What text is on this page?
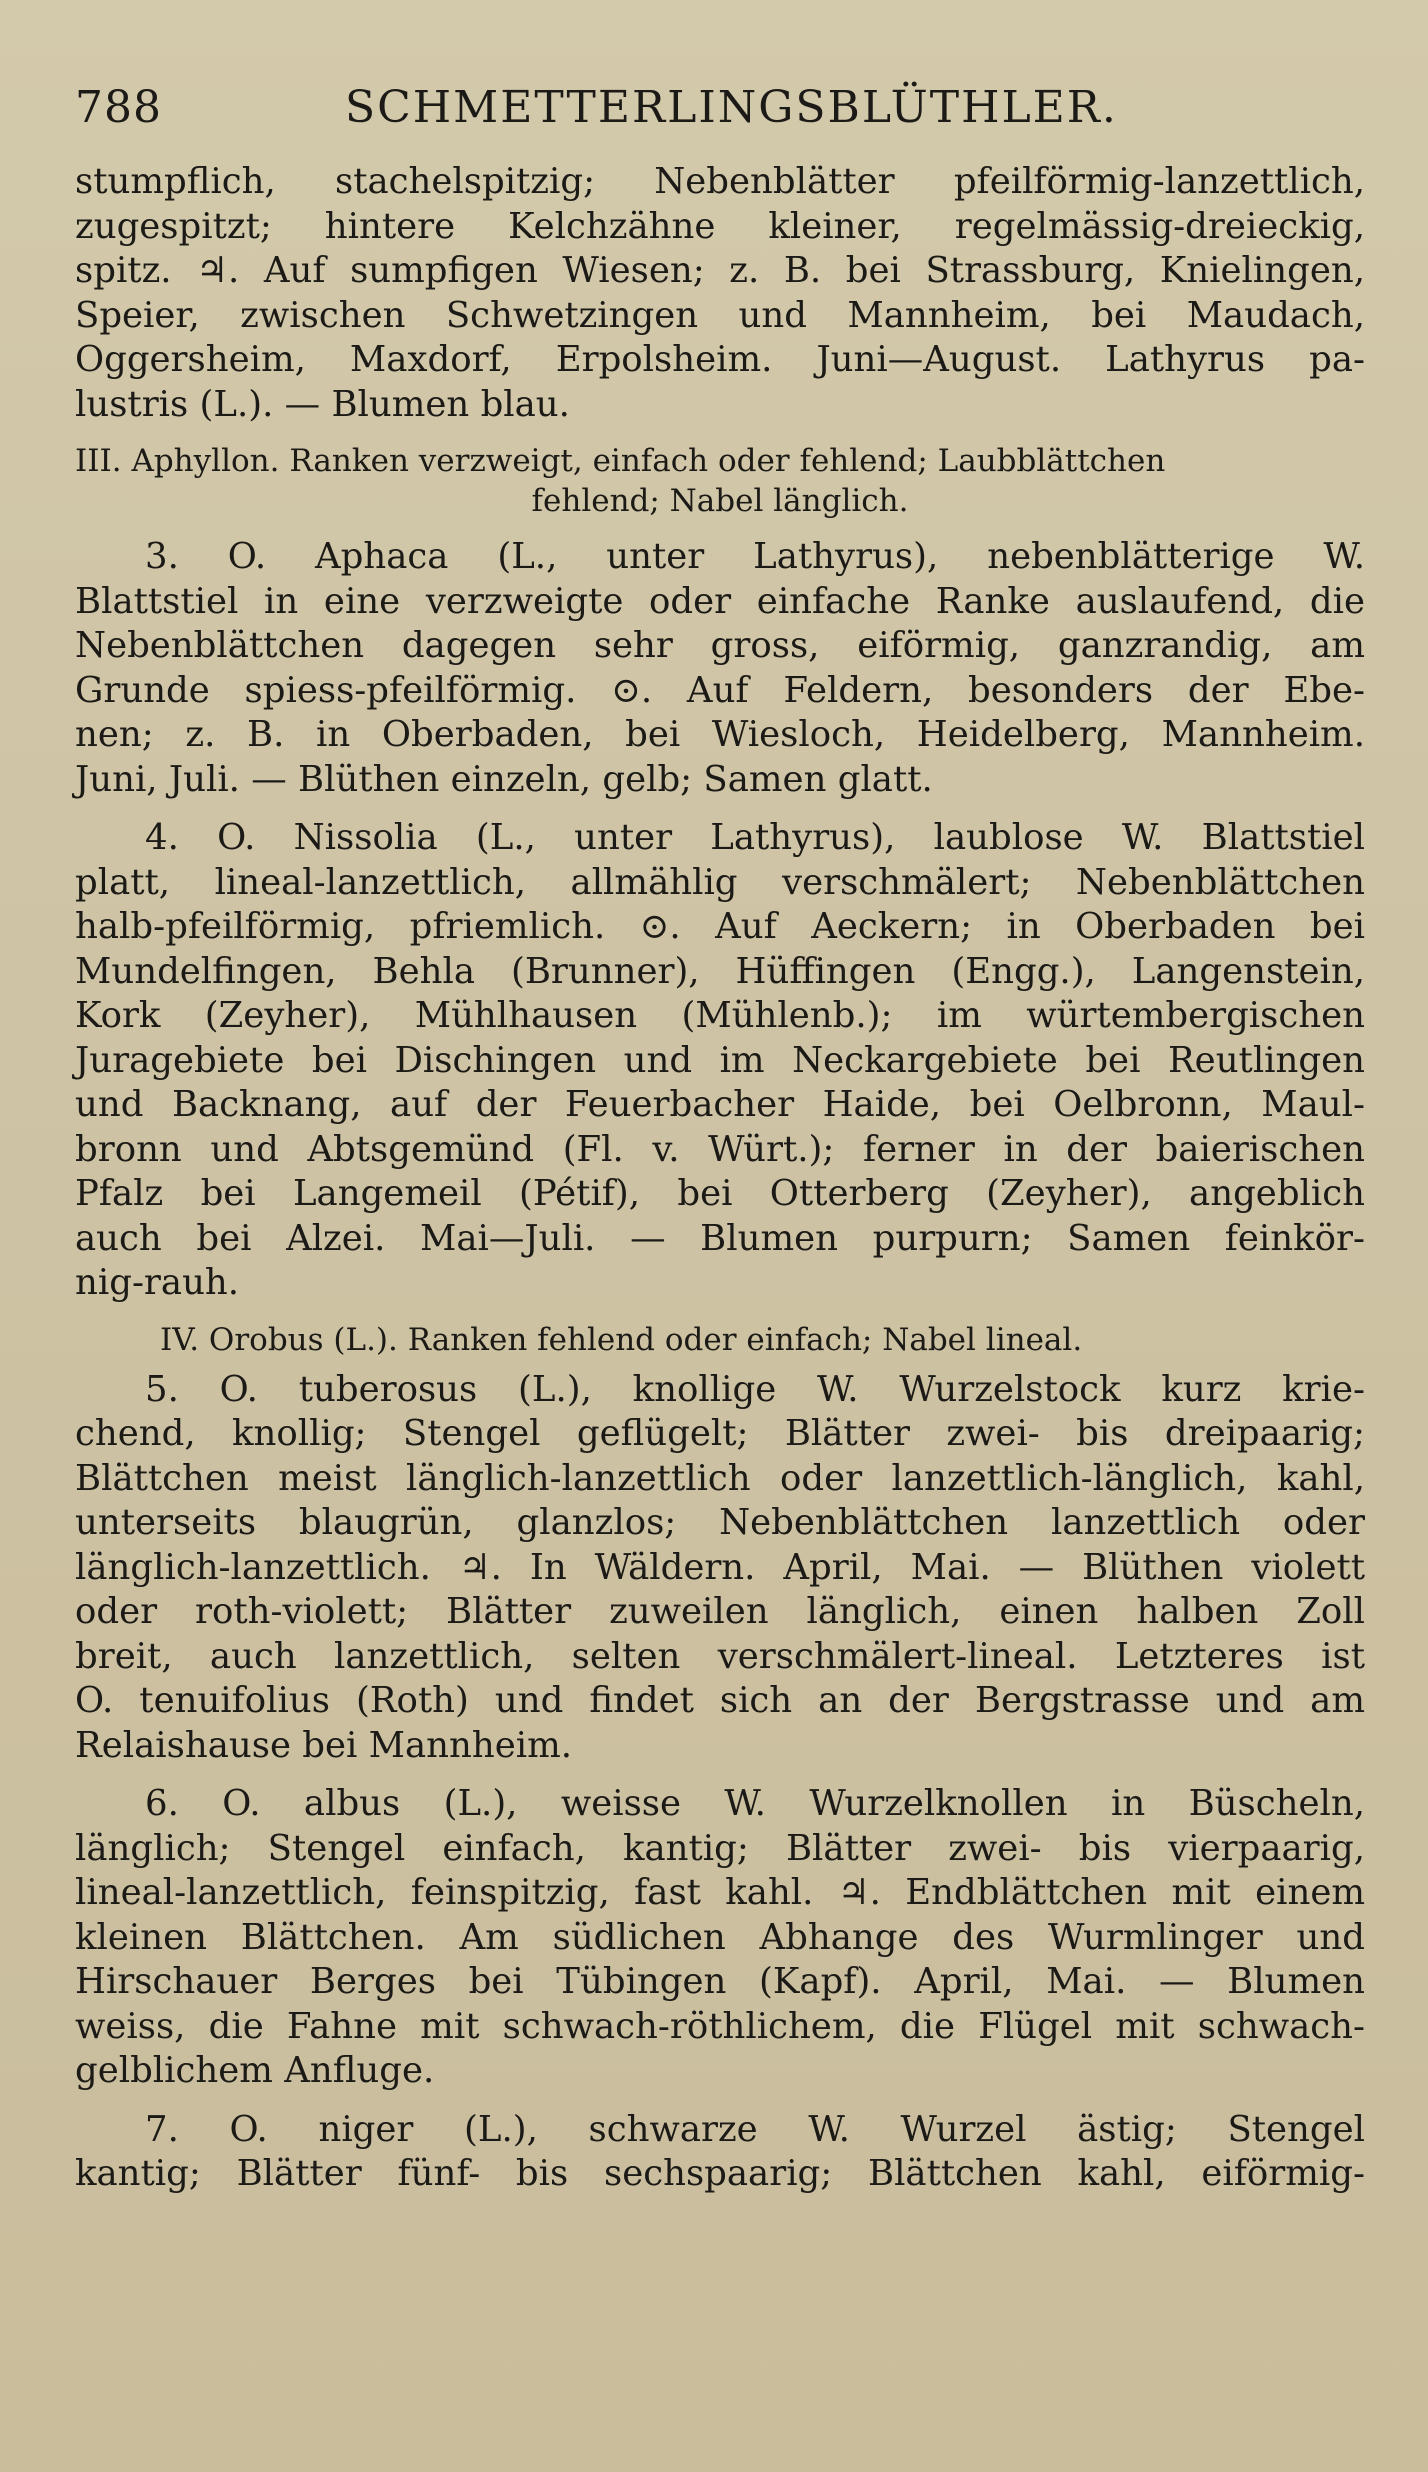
788	SCHMETTERLINGSBLÜTHLER.
stumpflich, stachelspitzig; Nebenblätter pfeilförmig-lanzettlich,
zugespitzt; hintere Kelchzähne kleiner, regelmässig-dreieckig,
spitz. ♃. Auf sumpfigen Wiesen; z. B. bei Strassburg, Knielingen,
Speier, zwischen Schwetzingen und Mannheim, bei Maudach,
Oggersheim, Maxdorf, Erpolsheim. Juni—August. Lathyrus pa-
lustris (L.). — Blumen blau.
III. Aphyllon. Ranken verzweigt, einfach oder fehlend; Laubblättchen
fehlend; Nabel länglich.
3. O. Aphaca (L., unter Lathyrus), nebenblätterige W.
Blattstiel in eine verzweigte oder einfache Ranke auslaufend, die
Nebenblättchen dagegen sehr gross, eiförmig, ganzrandig, am
Grunde spiess-pfeilförmig. ⊙. Auf Feldern, besonders der Ebe-
nen; z. B. in Oberbaden, bei Wiesloch, Heidelberg, Mannheim.
Juni, Juli. — Blüthen einzeln, gelb; Samen glatt.
4. O. Nissolia (L., unter Lathyrus), laublose W. Blattstiel
platt, lineal-lanzettlich, allmählig verschmälert; Nebenblättchen
halb-pfeilförmig, pfriemlich. ⊙. Auf Aeckern; in Oberbaden bei
Mundelfingen, Behla (Brunner), Hüffingen (Engg.), Langenstein,
Kork (Zeyher), Mühlhausen (Mühlenb.); im würtembergischen
Juragebiete bei Dischingen und im Neckargebiete bei Reutlingen
und Backnang, auf der Feuerbacher Haide, bei Oelbronn, Maul-
bronn und Abtsgemünd (Fl. v. Würt.); ferner in der baierischen
Pfalz bei Langemeil (Pétif), bei Otterberg (Zeyher), angeblich
auch bei Alzei. Mai—Juli. — Blumen purpurn; Samen feinkör-
nig-rauh.
IV. Orobus (L.). Ranken fehlend oder einfach; Nabel lineal.
5. O. tuberosus (L.), knollige W. Wurzelstock kurz krie-
chend, knollig; Stengel geflügelt; Blätter zwei- bis dreipaarig;
Blättchen meist länglich-lanzettlich oder lanzettlich-länglich, kahl,
unterseits blaugrün, glanzlos; Nebenblättchen lanzettlich oder
länglich-lanzettlich. ♃. In Wäldern. April, Mai. — Blüthen violett
oder roth-violett; Blätter zuweilen länglich, einen halben Zoll
breit, auch lanzettlich, selten verschmälert-lineal. Letzteres ist
O. tenuifolius (Roth) und findet sich an der Bergstrasse und am
Relaishause bei Mannheim.
6. O. albus (L.), weisse W. Wurzelknollen in Büscheln,
länglich; Stengel einfach, kantig; Blätter zwei- bis vierpaarig,
lineal-lanzettlich, feinspitzig, fast kahl. ♃. Endblättchen mit einem
kleinen Blättchen. Am südlichen Abhange des Wurmlinger und
Hirschauer Berges bei Tübingen (Kapf). April, Mai. — Blumen
weiss, die Fahne mit schwach-röthlichem, die Flügel mit schwach-
gelblichem Anfluge.
7. O. niger (L.), schwarze W. Wurzel ästig; Stengel
kantig; Blätter fünf- bis sechspaarig; Blättchen kahl, eiförmig-
